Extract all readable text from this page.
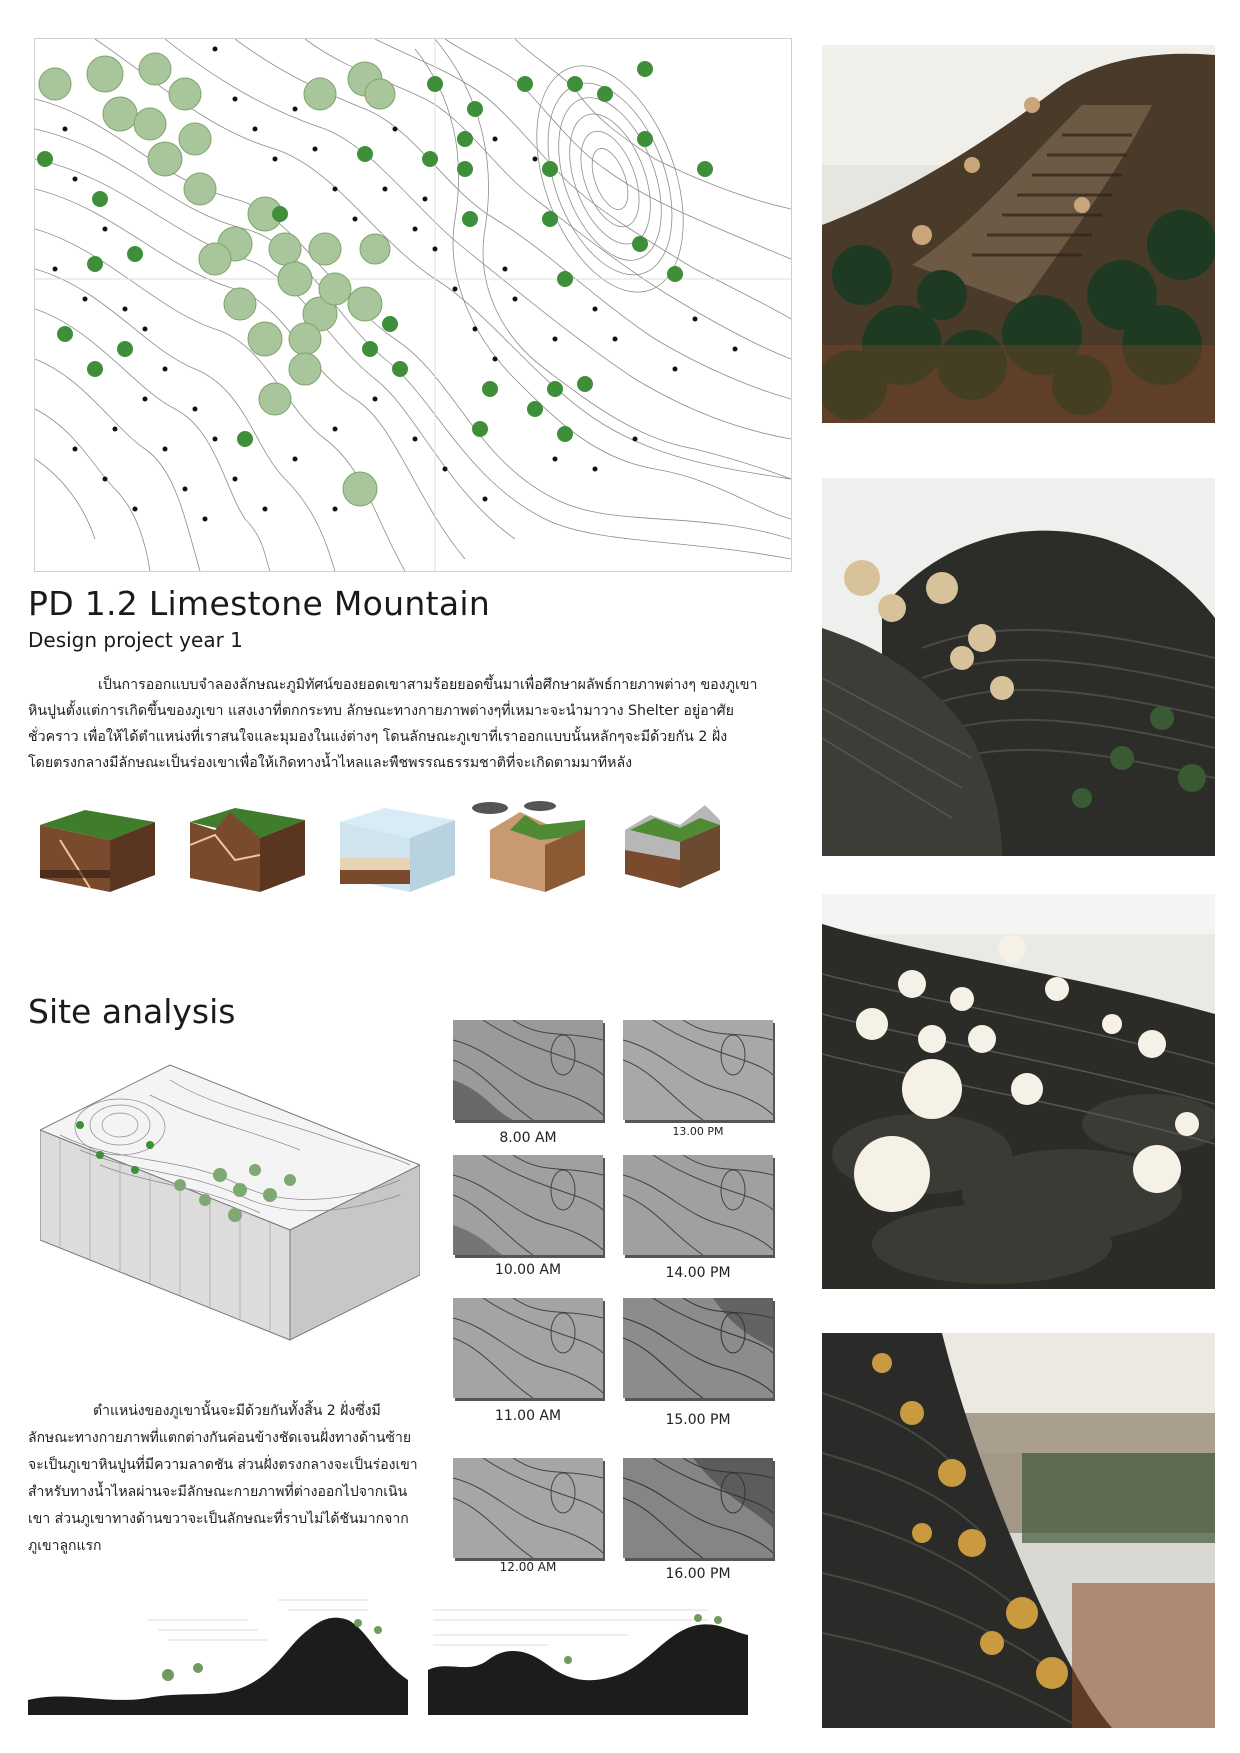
PD 1.2 Limestone Mountain
Design project year 1
เป็นการออกแบบจำลองลักษณะภูมิทัศน์ของยอดเขาสามร้อยยอดขึ้นมาเพื่อศึกษาผลัพธ์กายภาพต่างๆ ของภูเขาหินปูนตั้งแต่การเกิดขึ้นของภูเขา แสงเงาที่ตกกระทบ ลักษณะทางกายภาพต่างๆที่เหมาะจะนำมาวาง Shelter อยู่อาศัยชั่วคราว เพื่อให้ได้ตำแหน่งที่เราสนใจและมุมองในแง่ต่างๆ โดนลักษณะภูเขาที่เราออกแบบนั้นหลักๆจะมีด้วยกัน 2 ฝั่ง โดยตรงกลางมีลักษณะเป็นร่องเขาเพื่อให้เกิดทางน้ำไหลและพืชพรรณธรรมชาติที่จะเกิดตามมาทีหลัง
Site analysis
ตำแหน่งของภูเขานั้นจะมีด้วยกันทั้งสิ้น 2 ฝั่งซึ่งมีลักษณะทางกายภาพที่แตกต่างกันค่อนข้างชัดเจนฝั่งทางด้านซ้ายจะเป็นภูเขาหินปูนที่มีความลาดชัน ส่วนฝั่งตรงกลางจะเป็นร่องเขาสำหรับทางน้ำไหลผ่านจะมีลักษณะกายภาพที่ต่างออกไปจากเนินเขา ส่วนภูเขาทางด้านขวาจะเป็นลักษณะที่ราบไม่ได้ชันมากจากภูเขาลูกแรก
8.00 AM	13.00 PM
10.00 AM	14.00 PM
11.00 AM	15.00 PM
12.00 AM	16.00 PM
